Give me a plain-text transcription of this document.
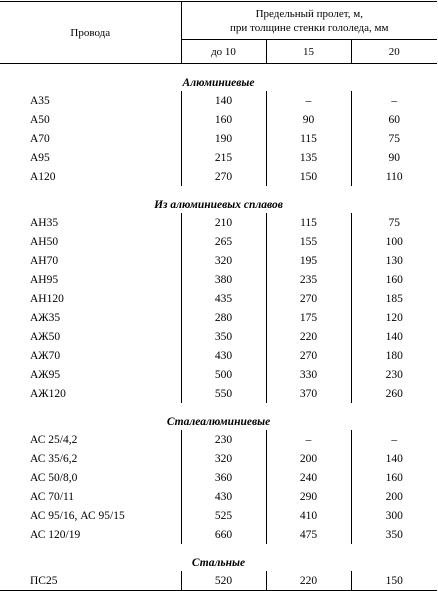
Провода	Предельный пролет, м,
при толщине стенки гололеда, мм		

	до 10	15	20
Алюминиевые			
А35	140	–	–
А50	160	90	60
А70	190	115	75
А95	215	135	90
А120	270	150	110
Из алюминиевых сплавов			
АН35	210	115	75
АН50	265	155	100
АН70	320	195	130
АН95	380	235	160
АН120	435	270	185
АЖ35	280	175	120
АЖ50	350	220	140
АЖ70	430	270	180
АЖ95	500	330	230
АЖ120	550	370	260
Сталеалюминиевые			
АС 25/4,2	230	–	–
АС 35/6,2	320	200	140
АС 50/8,0	360	240	160
АС 70/11	430	290	200
АС 95/16, АС 95/15	525	410	300
АС 120/19	660	475	350
Стальные			
ПС25	520	220	150
